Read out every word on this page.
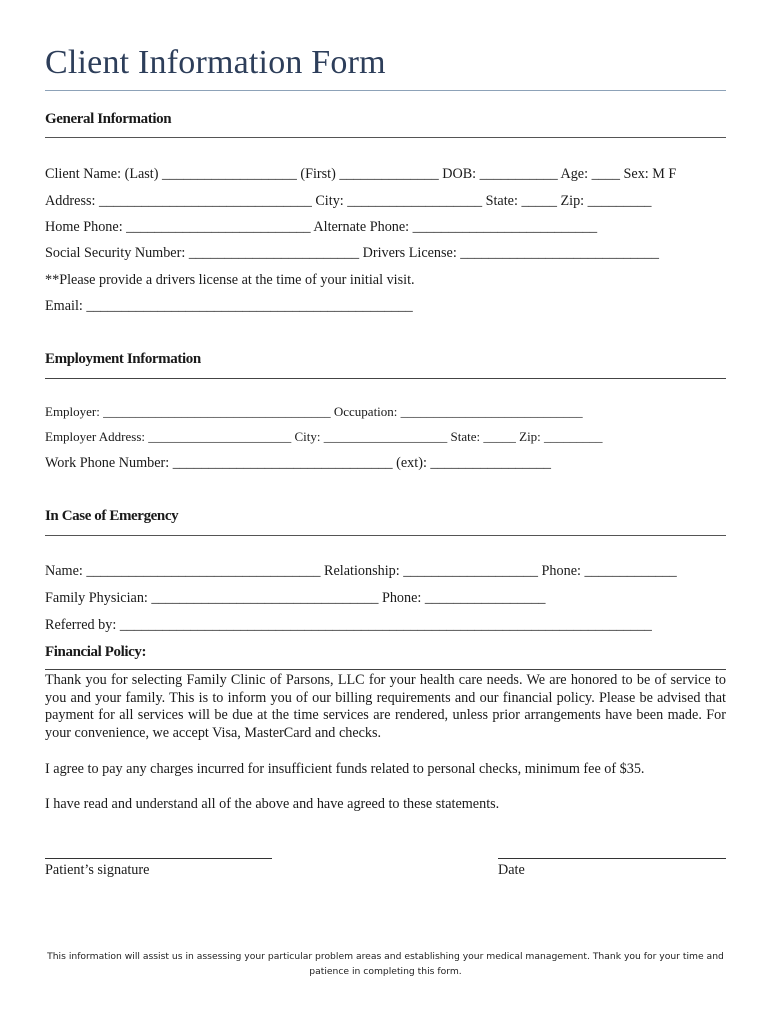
Client Information Form
General Information
Client Name: (Last) ___________________ (First) ______________ DOB: ___________ Age: ____ Sex: M F
Address: ______________________________ City: ___________________ State: _____ Zip: _________
Home Phone: __________________________ Alternate Phone: __________________________
Social Security Number: ________________________ Drivers License: ____________________________
**Please provide a drivers license at the time of your initial visit.
Email: ______________________________________________
Employment Information
Employer: ___________________________________ Occupation: ____________________________
Employer Address: ______________________ City: ___________________ State: _____ Zip: _________
Work Phone Number: _______________________________ (ext): _________________
In Case of Emergency
Name: _________________________________ Relationship: ___________________ Phone: _____________
Family Physician: ________________________________ Phone: _________________
Referred by: ___________________________________________________________________________
Financial Policy:
Thank you for selecting Family Clinic of Parsons, LLC for your health care needs. We are honored to be of service to you and your family. This is to inform you of our billing requirements and our financial policy. Please be advised that payment for all services will be due at the time services are rendered, unless prior arrangements have been made. For your convenience, we accept Visa, MasterCard and checks.
I agree to pay any charges incurred for insufficient funds related to personal checks, minimum fee of $35.
I have read and understand all of the above and have agreed to these statements.
Patient’s signature	Date
This information will assist us in assessing your particular problem areas and establishing your medical management. Thank you for your time and patience in completing this form.
